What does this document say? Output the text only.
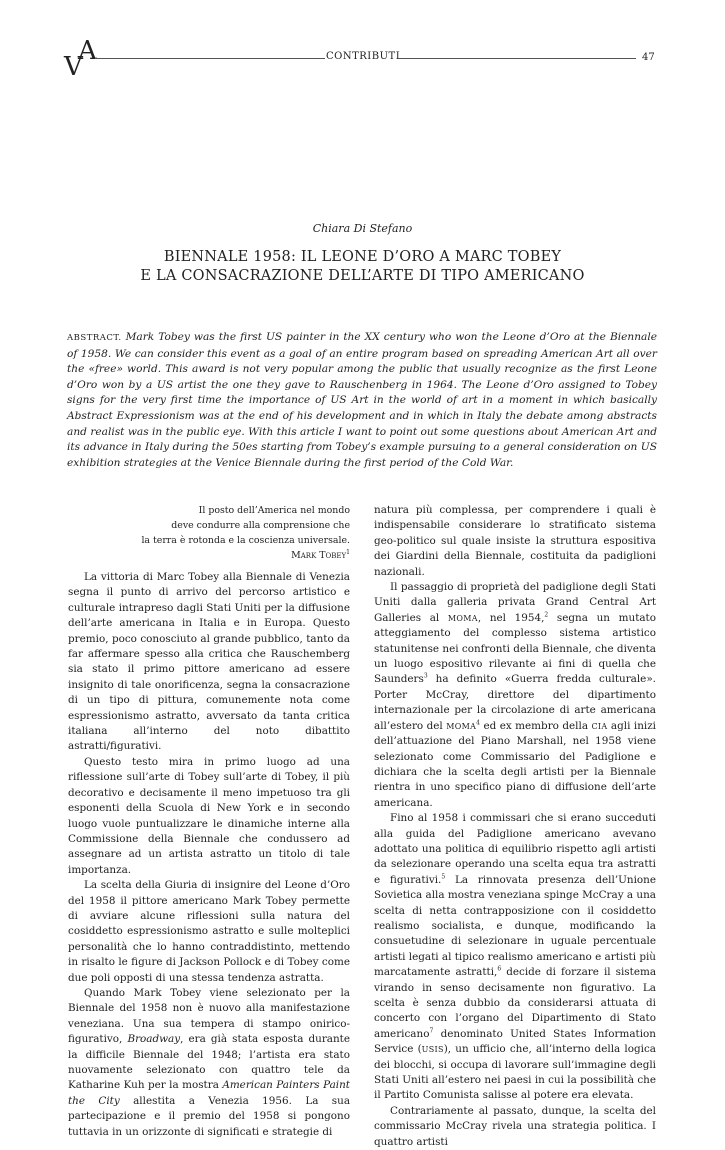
V
A	CONTRIBUTI	47
Chiara Di Stefano
BIENNALE 1958: IL LEONE D’ORO A MARC TOBEY
E LA CONSACRAZIONE DELL’ARTE DI TIPO AMERICANO
ABSTRACT. Mark Tobey was the first US painter in the XX century who won the Leone d’Oro at the Biennale of 1958. We can consider this event as a goal of an entire program based on spreading American Art all over the «free» world. This award is not very popular among the public that usually recognize as the first Leone d’Oro won by a US artist the one they gave to Rauschenberg in 1964. The Leone d’Oro assigned to Tobey signs for the very first time the importance of US Art in the world of art in a moment in which basically Abstract Expressionism was at the end of his development and in which in Italy the debate among abstracts and realist was in the public eye. With this article I want to point out some questions about American Art and its advance in Italy during the 50es starting from Tobey’s example pursuing to a general consideration on US exhibition strategies at the Venice Biennale during the first period of the Cold War.
Il posto dell’America nel mondo
deve condurre alla comprensione che
la terra è rotonda e la coscienza universale.
Mark Tobey$^1$

La vittoria di Marc Tobey alla Biennale di Venezia segna il punto di arrivo del percorso artistico e culturale intrapreso dagli Stati Uniti per la diffusione dell’arte americana in Italia e in Europa. Questo premio, poco conosciuto al grande pubblico, tanto da far affermare spesso alla critica che Rauschemberg sia stato il primo pittore americano ad essere insignito di tale onorificenza, segna la consacrazione di un tipo di pittura, comunemente nota come espressionismo astratto, avversato da tanta critica italiana all’interno del noto dibattito astratti/figurativi.

Questo testo mira in primo luogo ad una riflessione sull’arte di Tobey sull’arte di Tobey, il più decorativo e decisamente il meno impetuoso tra gli esponenti della Scuola di New York e in secondo luogo vuole puntualizzare le dinamiche interne alla Commissione della Biennale che condussero ad assegnare ad un artista astratto un titolo di tale importanza.

La scelta della Giuria di insignire del Leone d’Oro del 1958 il pittore americano Mark Tobey permette di avviare alcune riflessioni sulla natura del cosiddetto espressionismo astratto e sulle molteplici personalità che lo hanno contraddistinto, mettendo in risalto le figure di Jackson Pollock e di Tobey come due poli opposti di una stessa tendenza astratta.

Quando Mark Tobey viene selezionato per la Biennale del 1958 non è nuovo alla manifestazione veneziana. Una sua tempera di stampo onirico-figurativo, Broadway, era già stata esposta durante la difficile Biennale del 1948; l’artista era stato nuovamente selezionato con quattro tele da Katharine Kuh per la mostra American Painters Paint the City allestita a Venezia 1956. La sua partecipazione e il premio del 1958 si pongono tuttavia in un orizzonte di significati e strategie di

natura più complessa, per comprendere i quali è indispensabile considerare lo stratificato sistema geo-politico sul quale insiste la struttura espositiva dei Giardini della Biennale, costituita da padiglioni nazionali.

Il passaggio di proprietà del padiglione degli Stati Uniti dalla galleria privata Grand Central Art Galleries al MOMA, nel 1954,$^2$ segna un mutato atteggiamento del complesso sistema artistico statunitense nei confronti della Biennale, che diventa un luogo espositivo rilevante ai fini di quella che Saunders$^3$ ha definito «Guerra fredda culturale». Porter McCray, direttore del dipartimento internazionale per la circolazione di arte americana all’estero del MOMA$^4$ ed ex membro della CIA agli inizi dell’attuazione del Piano Marshall, nel 1958 viene selezionato come Commissario del Padiglione e dichiara che la scelta degli artisti per la Biennale rientra in uno specifico piano di diffusione dell’arte americana.

Fino al 1958 i commissari che si erano succeduti alla guida del Padiglione americano avevano adottato una politica di equilibrio rispetto agli artisti da selezionare operando una scelta equa tra astratti e figurativi.$^5$ La rinnovata presenza dell’Unione Sovietica alla mostra veneziana spinge McCray a una scelta di netta contrapposizione con il cosiddetto realismo socialista, e dunque, modificando la consuetudine di selezionare in uguale percentuale artisti legati al tipico realismo americano e artisti più marcatamente astratti,$^6$ decide di forzare il sistema virando in senso decisamente non figurativo. La scelta è senza dubbio da considerarsi attuata di concerto con l’organo del Dipartimento di Stato americano$^7$ denominato United States Information Service (USIS), un ufficio che, all’interno della logica dei blocchi, si occupa di lavorare sull’immagine degli Stati Uniti all’estero nei paesi in cui la possibilità che il Partito Comunista salisse al potere era elevata.

Contrariamente al passato, dunque, la scelta del commissario McCray rivela una strategia politica. I quattro artisti
